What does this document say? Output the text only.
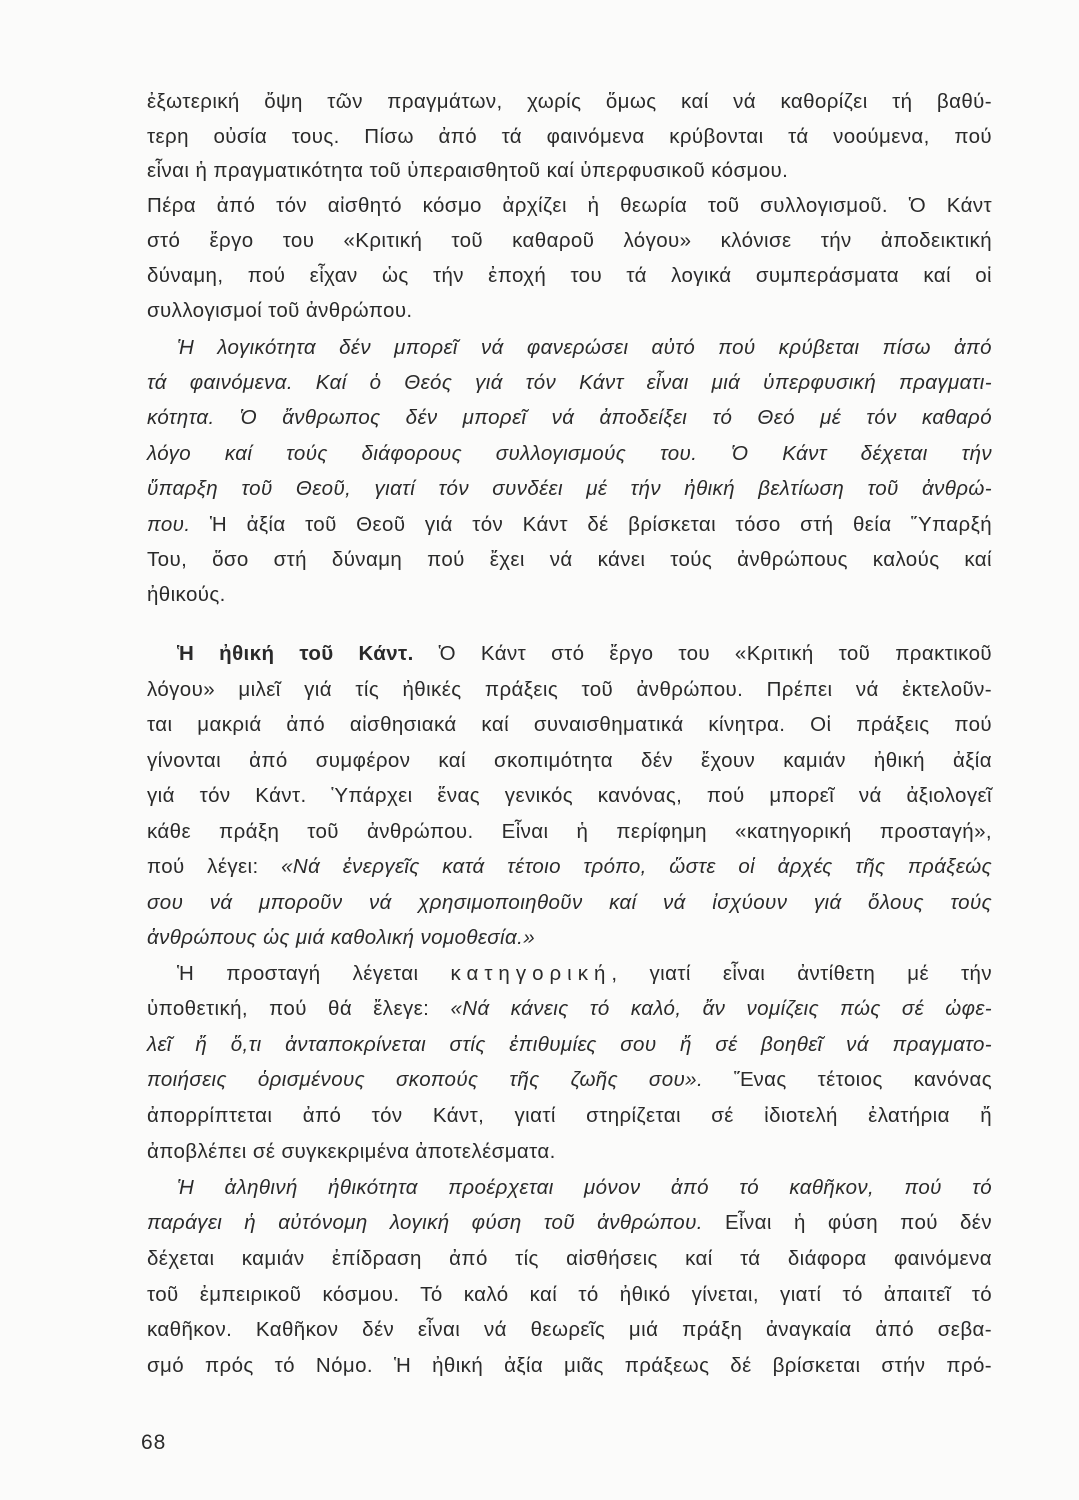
ἐξωτερική ὄψη τῶν πραγμάτων, χωρίς ὅμως καί νά καθορίζει τή βαθύ-
τερη οὐσία τους. Πίσω ἀπό τά φαινόμενα κρύβονται τά νοούμενα, πού
εἶναι ἡ πραγματικότητα τοῦ ὑπεραισθητοῦ καί ὑπερφυσικοῦ κόσμου.
Πέρα ἀπό τόν αἰσθητό κόσμο ἀρχίζει ἡ θεωρία τοῦ συλλογισμοῦ. Ὁ Κάντ
στό ἔργο του «Κριτική τοῦ καθαροῦ λόγου» κλόνισε τήν ἀποδεικτική
δύναμη, πού εἶχαν ὡς τήν ἐποχή του τά λογικά συμπεράσματα καί οἱ
συλλογισμοί τοῦ ἀνθρώπου.
Ἡ λογικότητα δέν μπορεῖ νά φανερώσει αὐτό πού κρύβεται πίσω ἀπό
τά φαινόμενα. Καί ὁ Θεός γιά τόν Κάντ εἶναι μιά ὑπερφυσική πραγματι-
κότητα. Ὁ ἄνθρωπος δέν μπορεῖ νά ἀποδείξει τό Θεό μέ τόν καθαρό
λόγο καί τούς διάφορους συλλογισμούς του. Ὁ Κάντ δέχεται τήν
ὕπαρξη τοῦ Θεοῦ, γιατί τόν συνδέει μέ τήν ἠθική βελτίωση τοῦ ἀνθρώ-
που. Ἡ ἀξία τοῦ Θεοῦ γιά τόν Κάντ δέ βρίσκεται τόσο στή θεία Ὕπαρξή
Του, ὅσο στή δύναμη πού ἔχει νά κάνει τούς ἀνθρώπους καλούς καί
ἠθικούς.
Ἡ ἠθική τοῦ Κάντ. Ὁ Κάντ στό ἔργο του «Κριτική τοῦ πρακτικοῦ
λόγου» μιλεῖ γιά τίς ἠθικές πράξεις τοῦ ἀνθρώπου. Πρέπει νά ἐκτελοῦν-
ται μακριά ἀπό αἰσθησιακά καί συναισθηματικά κίνητρα. Οἱ πράξεις πού
γίνονται ἀπό συμφέρον καί σκοπιμότητα δέν ἔχουν καμιάν ἠθική ἀξία
γιά τόν Κάντ. Ὑπάρχει ἕνας γενικός κανόνας, πού μπορεῖ νά ἀξιολογεῖ
κάθε πράξη τοῦ ἀνθρώπου. Εἶναι ἡ περίφημη «κατηγορική προσταγή»,
πού λέγει: «Νά ἐνεργεῖς κατά τέτοιο τρόπο, ὥστε οἱ ἀρχές τῆς πράξεώς
σου νά μποροῦν νά χρησιμοποιηθοῦν καί νά ἰσχύουν γιά ὅλους τούς
ἀνθρώπους ὡς μιά καθολική νομοθεσία.»
Ἡ προσταγή λέγεται κατηγορική, γιατί εἶναι ἀντίθετη μέ τήν
ὑποθετική, πού θά ἔλεγε: «Νά κάνεις τό καλό, ἄν νομίζεις πώς σέ ὠφε-
λεῖ ἤ ὅ,τι ἀνταποκρίνεται στίς ἐπιθυμίες σου ἤ σέ βοηθεῖ νά πραγματο-
ποιήσεις ὁρισμένους σκοπούς τῆς ζωῆς σου». Ἕνας τέτοιος κανόνας
ἀπορρίπτεται ἀπό τόν Κάντ, γιατί στηρίζεται σέ ἰδιοτελή ἐλατήρια ἤ
ἀποβλέπει σέ συγκεκριμένα ἀποτελέσματα.
Ἡ ἀληθινή ἠθικότητα προέρχεται μόνον ἀπό τό καθῆκον, πού τό
παράγει ἡ αὐτόνομη λογική φύση τοῦ ἀνθρώπου. Εἶναι ἡ φύση πού δέν
δέχεται καμιάν ἐπίδραση ἀπό τίς αἰσθήσεις καί τά διάφορα φαινόμενα
τοῦ ἐμπειρικοῦ κόσμου. Τό καλό καί τό ἠθικό γίνεται, γιατί τό ἀπαιτεῖ τό
καθῆκον. Καθῆκον δέν εἶναι νά θεωρεῖς μιά πράξη ἀναγκαία ἀπό σεβα-
σμό πρός τό Νόμο. Ἡ ἠθική ἀξία μιᾶς πράξεως δέ βρίσκεται στήν πρό-
68
